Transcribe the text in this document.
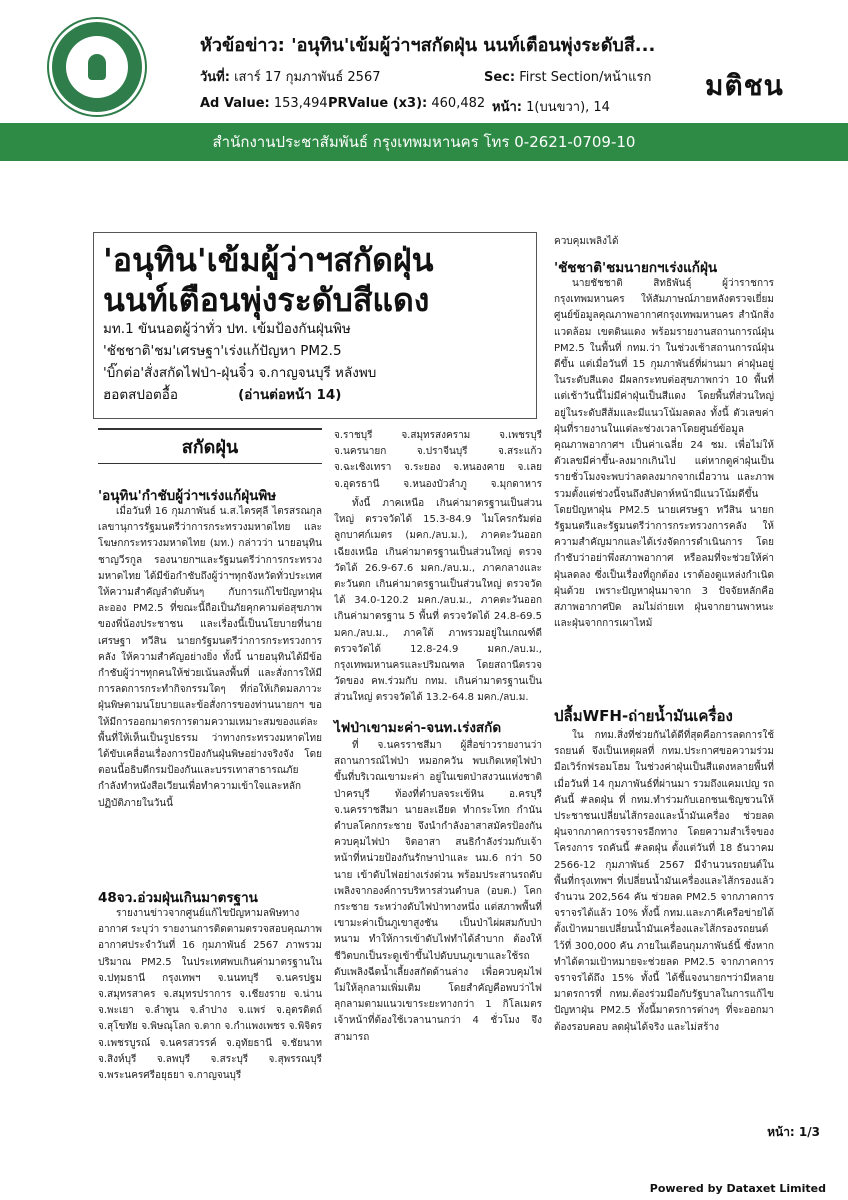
หัวข้อข่าว: 'อนุทิน'เข้มผู้ว่าฯสกัดฝุ่น นนท์เตือนพุ่งระดับสี...
วันที่: เสาร์ 17 กุมภาพันธ์ 2567	Sec: First Section/หน้าแรก
Ad Value: 153,494 PRValue (x3): 460,482 หน้า: 1(บนขวา), 14
มติชน
สำนักงานประชาสัมพันธ์ กรุงเทพมหานคร โทร 0-2621-0709-10
'อนุทิน'เข้มผู้ว่าฯสกัดฝุ่น
นนท์เตือนพุ่งระดับสีแดง
มท.1 ขันนอตผู้ว่าทั่ว ปท. เข้มป้องกันฝุ่นพิษ
'ชัชชาติ'ชม'เศรษฐา'เร่งแก้ปัญหา PM2.5
'บิ๊กต่อ'สั่งสกัดไฟป่า-ฝุ่นจิ๋ว จ.กาญจนบุรี หลังพบ
ฮอตสปอตอื้อ	(อ่านต่อหน้า 14)
สกัดฝุ่น
'อนุทิน'กำชับผู้ว่าฯเร่งแก้ฝุ่นพิษ

เมื่อวันที่ 16 กุมภาพันธ์ น.ส.ไตรศุลี ไตรสรณกุล เลขานุการรัฐมนตรีว่าการกระทรวงมหาดไทย และโฆษกกระทรวงมหาดไทย (มท.) กล่าวว่า นายอนุทิน ชาญวีรกูล รองนายกฯและรัฐมนตรีว่าการกระทรวงมหาดไทย ได้มีข้อกำชับถึงผู้ว่าฯทุกจังหวัดทั่วประเทศให้ความสำคัญลำดับต้นๆ กับการแก้ไขปัญหาฝุ่นละออง PM2.5 ที่ขณะนี้ถือเป็นภัยคุกคามต่อสุขภาพของพี่น้องประชาชน และเรื่องนี้เป็นนโยบายที่นายเศรษฐา ทวีสิน นายกรัฐมนตรีว่าการกระทรวงการคลัง ให้ความสำคัญอย่างยิ่ง ทั้งนี้ นายอนุทินได้มีข้อกำชับผู้ว่าฯทุกคนให้ช่วยเน้นลงพื้นที่ และสั่งการให้มีการลดการกระทำกิจกรรมใดๆ ที่ก่อให้เกิดมลภาวะฝุ่นพิษตามนโยบายและข้อสั่งการของท่านนายกฯ ขอให้มีการออกมาตรการตามความเหมาะสมของแต่ละพื้นที่ให้เห็นเป็นรูปธรรม ว่าทางกระทรวงมหาดไทยได้ขับเคลื่อนเรื่องการป้องกันฝุ่นพิษอย่างจริงจัง โดยตอนนี้อธิบดีกรมป้องกันและบรรเทาสาธารณภัย กำลังทำหนังสือเวียนเพื่อทำความเข้าใจและหลักปฏิบัติภายในวันนี้

48จว.อ่วมฝุ่นเกินมาตรฐาน

รายงานข่าวจากศูนย์แก้ไขปัญหามลพิษทางอากาศ ระบุว่า รายงานการติดตามตรวจสอบคุณภาพอากาศประจำวันที่ 16 กุมภาพันธ์ 2567 ภาพรวมปริมาณ PM2.5 ในประเทศพบเกินค่ามาตรฐานใน จ.ปทุมธานี กรุงเทพฯ จ.นนทบุรี จ.นครปฐม จ.สมุทรสาคร จ.สมุทรปราการ จ.เชียงราย จ.น่าน จ.พะเยา จ.ลำพูน จ.ลำปาง จ.แพร่ จ.อุตรดิตถ์ จ.สุโขทัย จ.พิษณุโลก จ.ตาก จ.กำแพงเพชร จ.พิจิตร จ.เพชรบูรณ์ จ.นครสวรรค์ จ.อุทัยธานี จ.ชัยนาท จ.สิงห์บุรี จ.ลพบุรี จ.สระบุรี จ.สุพรรณบุรี จ.พระนครศรีอยุธยา จ.กาญจนบุรี

จ.ราชบุรี จ.สมุทรสงคราม จ.เพชรบุรี จ.นครนายก จ.ปราจีนบุรี จ.สระแก้ว จ.ฉะเชิงเทรา จ.ระยอง จ.หนองคาย จ.เลย จ.อุดรธานี จ.หนองบัวลำภู จ.มุกดาหาร

ทั้งนี้ ภาคเหนือ เกินค่ามาตรฐานเป็นส่วนใหญ่ ตรวจวัดได้ 15.3-84.9 ไมโครกรัมต่อลูกบาศก์เมตร (มคก./ลบ.ม.), ภาคตะวันออกเฉียงเหนือ เกินค่ามาตรฐานเป็นส่วนใหญ่ ตรวจวัดได้ 26.9-67.6 มคก./ลบ.ม., ภาคกลางและตะวันตก เกินค่ามาตรฐานเป็นส่วนใหญ่ ตรวจวัดได้ 34.0-120.2 มคก./ลบ.ม., ภาคตะวันออก เกินค่ามาตรฐาน 5 พื้นที่ ตรวจวัดได้ 24.8-69.5 มคก./ลบ.ม., ภาคใต้ ภาพรวมอยู่ในเกณฑ์ดี ตรวจวัดได้ 12.8-24.9 มคก./ลบ.ม., กรุงเทพมหานครและปริมณฑล โดยสถานีตรวจวัดของ คพ.ร่วมกับ กทม. เกินค่ามาตรฐานเป็นส่วนใหญ่ ตรวจวัดได้ 13.2-64.8 มคก./ลบ.ม.

ไฟป่าเขามะค่า-จนท.เร่งสกัด

ที่ จ.นครราชสีมา ผู้สื่อข่าวรายงานว่า สถานการณ์ไฟป่า หมอกควัน พบเกิดเหตุไฟป่าขึ้นที่บริเวณเขามะค่า อยู่ในเขตป่าสงวนแห่งชาติป่าครบุรี ท้องที่ตำบลจระเข้หิน อ.ครบุรี จ.นครราชสีมา นายละเอียด ทำกระโทก กำนันตำบลโคกกระชาย จึงนำกำลังอาสาสมัครป้องกันควบคุมไฟป่า จิตอาสา สนธิกำลังร่วมกับเจ้าหน้าที่หน่วยป้องกันรักษาป่าและ นม.6 กว่า 50 นาย เข้าดับไฟอย่างเร่งด่วน พร้อมประสานรถดับเพลิงจากองค์การบริหารส่วนตำบล (อบต.) โคกกระชาย ระหว่างดับไฟป่าทางหนึ่ง แต่สภาพพื้นที่เขามะค่าเป็นภูเขาสูงชัน เป็นป่าไผ่ผสมกับป่าหนาม ทำให้การเข้าดับไฟทำได้ลำบาก ต้องให้ชีวิตบกเป็นระดูเข้าขึ้นไปดับบนภูเขาและใช้รถดับเพลิงฉีดน้ำเลี้ยงสกัดด้านล่าง เพื่อควบคุมไฟไม่ให้ลุกลามเพิ่มเติม โดยสำคัญคือพบว่าไฟลุกลามตามแนวเขาระยะทางกว่า 1 กิโลเมตร เจ้าหน้าที่ต้องใช้เวลานานกว่า 4 ชั่วโมง จึงสามารถ

ควบคุมเพลิงได้

'ชัชชาติ'ชมนายกฯเร่งแก้ฝุ่น

นายชัชชาติ สิทธิพันธุ์ ผู้ว่าราชการกรุงเทพมหานคร ให้สัมภาษณ์ภายหลังตรวจเยี่ยมศูนย์ข้อมูลคุณภาพอากาศกรุงเทพมหานคร สำนักสิ่งแวดล้อม เขตดินแดง พร้อมรายงานสถานการณ์ฝุ่น PM2.5 ในพื้นที่ กทม.ว่า ในช่วงเช้าสถานการณ์ฝุ่นดีขึ้น แต่เมื่อวันที่ 15 กุมภาพันธ์ที่ผ่านมา ค่าฝุ่นอยู่ในระดับสีแดง มีผลกระทบต่อสุขภาพกว่า 10 พื้นที่ แต่เช้าวันนี้ไม่มีค่าฝุ่นเป็นสีแดง โดยพื้นที่ส่วนใหญ่อยู่ในระดับสีส้มและมีแนวโน้มลดลง ทั้งนี้ ตัวเลขค่าฝุ่นที่รายงานในแต่ละช่วงเวลาโดยศูนย์ข้อมูลคุณภาพอากาศฯ เป็นค่าเฉลี่ย 24 ชม. เพื่อไม่ให้ตัวเลขมีค่าขึ้น-ลงมากเกินไป แต่หากดูค่าฝุ่นเป็นรายชั่วโมงจะพบว่าลดลงมากจากเมื่อวาน และภาพรวมตั้งแต่ช่วงนี้จนถึงสัปดาห์หน้ามีแนวโน้มดีขึ้น โดยปัญหาฝุ่น PM2.5 นายเศรษฐา ทวีสิน นายกรัฐมนตรีและรัฐมนตรีว่าการกระทรวงการคลัง ให้ความสำคัญมากและได้เร่งจัดการดำเนินการ โดยกำชับว่าอย่าพึ่งสภาพอากาศ หรือลมที่จะช่วยให้ค่าฝุ่นลดลง ซึ่งเป็นเรื่องที่ถูกต้อง เราต้องดูแหล่งกำเนิดฝุ่นด้วย เพราะปัญหาฝุ่นมาจาก 3 ปัจจัยหลักคือ สภาพอากาศปิด ลมไม่ถ่ายเท ฝุ่นจากยานพาหนะ และฝุ่นจากการเผาไหม้

ปลื้มWFH-ถ่ายน้ำมันเครื่อง

ใน กทม.สิ่งที่ช่วยกันได้ดีที่สุดคือการลดการใช้รถยนต์ จึงเป็นเหตุผลที่ กทม.ประกาศขอความร่วมมือเวิร์กฟรอมโฮม ในช่วงค่าฝุ่นเป็นสีแดงหลายพื้นที่เมื่อวันที่ 14 กุมภาพันธ์ที่ผ่านมา รวมถึงแคมเปญ รถคันนี้ #ลดฝุ่น ที่ กทม.ทำร่วมกับเอกชนเชิญชวนให้ประชาชนเปลี่ยนไส้กรองและน้ำมันเครื่อง ช่วยลดฝุ่นจากภาคการจราจรอีกทาง โดยความสำเร็จของโครงการ รถคันนี้ #ลดฝุ่น ตั้งแต่วันที่ 18 ธันวาคม 2566-12 กุมภาพันธ์ 2567 มีจำนวนรถยนต์ในพื้นที่กรุงเทพฯ ที่เปลี่ยนน้ำมันเครื่องและไส้กรองแล้ว จำนวน 202,564 คัน ช่วยลด PM2.5 จากภาคการจราจรได้แล้ว 10% ทั้งนี้ กทม.และภาคีเครือข่ายได้ตั้งเป้าหมายเปลี่ยนน้ำมันเครื่องและไส้กรองรถยนต์ไว้ที่ 300,000 คัน ภายในเดือนกุมภาพันธ์นี้ ซึ่งหากทำได้ตามเป้าหมายจะช่วยลด PM2.5 จากภาคการจราจรได้ถึง 15% ทั้งนี้ ได้ชี้แจงนายกฯว่ามีหลายมาตรการที่ กทม.ต้องร่วมมือกับรัฐบาลในการแก้ไขปัญหาฝุ่น PM2.5 ทั้งนี้มาตรการต่างๆ ที่จะออกมาต้องรอบคอบ ลดฝุ่นได้จริง และไม่สร้าง

หน้า: 1/3
Powered by Dataxet Limited
